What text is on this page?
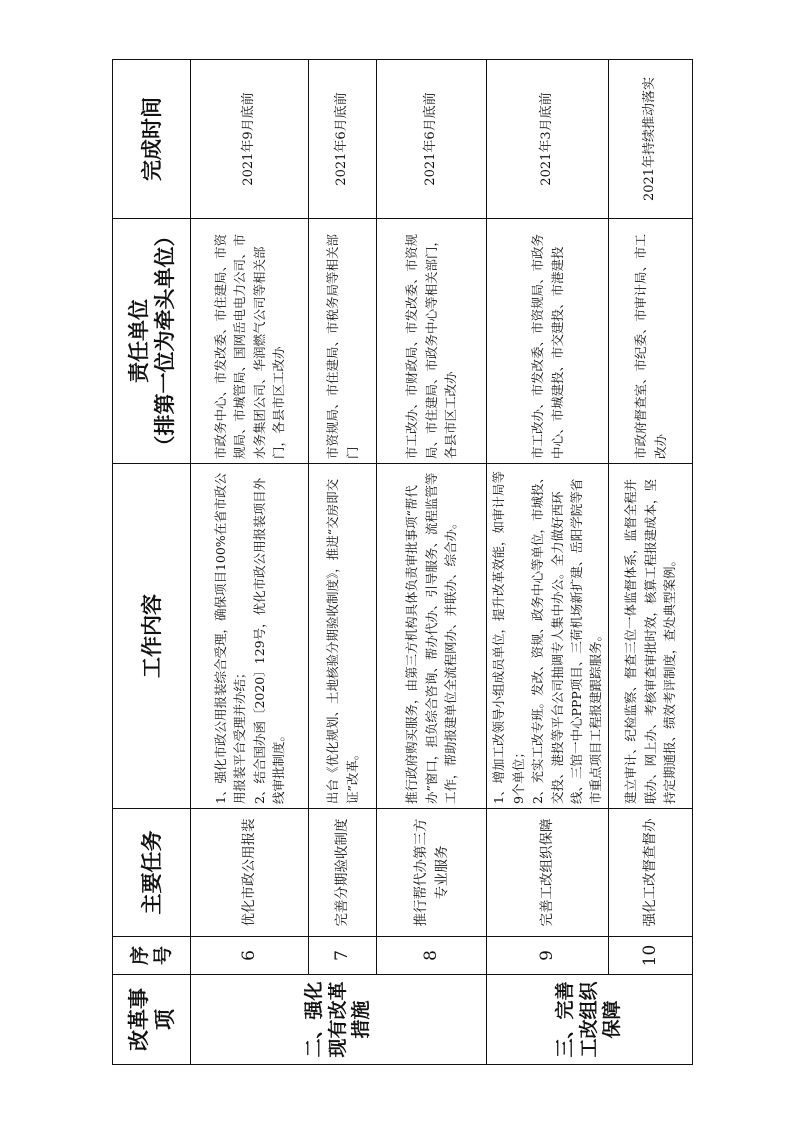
改革事项	序号	主要任务	工作内容	责任单位 （排第一位为牵头单位）	完成时间
二、强化现有改革措施	6	优化市政公用报装	1、强化市政公用报装综合受理，确保项目100%在省市政公用报装平台受理并办结； 2、结合国办函〔2020〕129号，优化市政公用报装项目外线审批制度。	市政务中心、市发改委、市住建局、市资规局、市城管局、国网岳电电力公司、市水务集团公司、华润燃气公司等相关部门，各县市区工改办	2021年9月底前
	7	完善分期验收制度	出台《优化规划、土地核验分期验收制度》，推进“交房即交证”改革。	市资规局、市住建局、市税务局等相关部门	2021年6月底前
	8	推行帮代办第三方专业服务	推行政府购买服务，由第三方机构具体负责审批事项“帮代办”窗口，担负综合咨询、帮办代办、引导服务、流程监管等工作，帮助报建单位全流程网办、并联办、综合办。	市工改办、市财政局、市发改委、市资规局、市住建局、市政务中心等相关部门，各县市区工改办	2021年6月底前
三、完善工改组织保障	9	完善工改组织保障	1、增加工改领导小组成员单位，提升改革效能，如审计局等9个单位； 2、充实工改专班。发改、资规、政务中心等单位，市城投、交投、港投等平台公司抽调专人集中办公。全力做好西环线、三馆一中心PPP项目、三荷机场新扩建、岳阳学院等省市重点项目工程报建跟踪服务。	市工改办、市发改委、市资规局、市政务中心、市城建投、市交建投、市港建投	2021年3月底前
	10	强化工改督查督办	建立审计、纪检监察、督查三位一体监督体系，监督全程并联办、网上办、考核审查审批时效，核算工程报建成本，坚持定期通报、绩效考评制度，查处典型案例。	市政府督查室、市纪委、市审计局、市工改办	2021年持续推动落实
